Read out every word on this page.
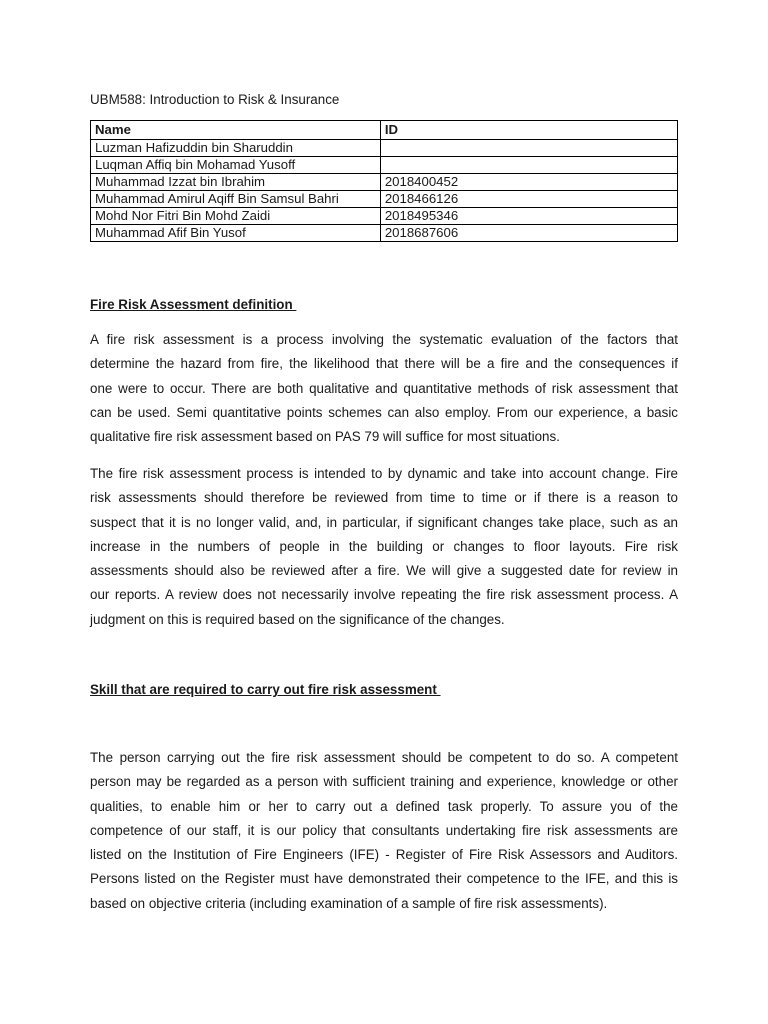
UBM588: Introduction to Risk & Insurance
Name	ID
Luzman Hafizuddin bin Sharuddin	
Luqman Affiq bin Mohamad Yusoff	
Muhammad Izzat bin Ibrahim	2018400452
Muhammad Amirul Aqiff Bin Samsul Bahri	2018466126
Mohd Nor Fitri Bin Mohd Zaidi	2018495346
Muhammad Afif Bin Yusof	2018687606
Fire Risk Assessment definition

A fire risk assessment is a process involving the systematic evaluation of the factors that
determine the hazard from fire, the likelihood that there will be a fire and the consequences if
one were to occur. There are both qualitative and quantitative methods of risk assessment that
can be used. Semi quantitative points schemes can also employ. From our experience, a basic
qualitative fire risk assessment based on PAS 79 will suffice for most situations.

The fire risk assessment process is intended to by dynamic and take into account change. Fire
risk assessments should therefore be reviewed from time to time or if there is a reason to
suspect that it is no longer valid, and, in particular, if significant changes take place, such as an
increase in the numbers of people in the building or changes to floor layouts. Fire risk
assessments should also be reviewed after a fire. We will give a suggested date for review in
our reports. A review does not necessarily involve repeating the fire risk assessment process. A
judgment on this is required based on the significance of the changes.

Skill that are required to carry out fire risk assessment

The person carrying out the fire risk assessment should be competent to do so. A competent
person may be regarded as a person with sufficient training and experience, knowledge or other
qualities, to enable him or her to carry out a defined task properly. To assure you of the
competence of our staff, it is our policy that consultants undertaking fire risk assessments are
listed on the Institution of Fire Engineers (IFE) - Register of Fire Risk Assessors and Auditors.
Persons listed on the Register must have demonstrated their competence to the IFE, and this is
based on objective criteria (including examination of a sample of fire risk assessments).
